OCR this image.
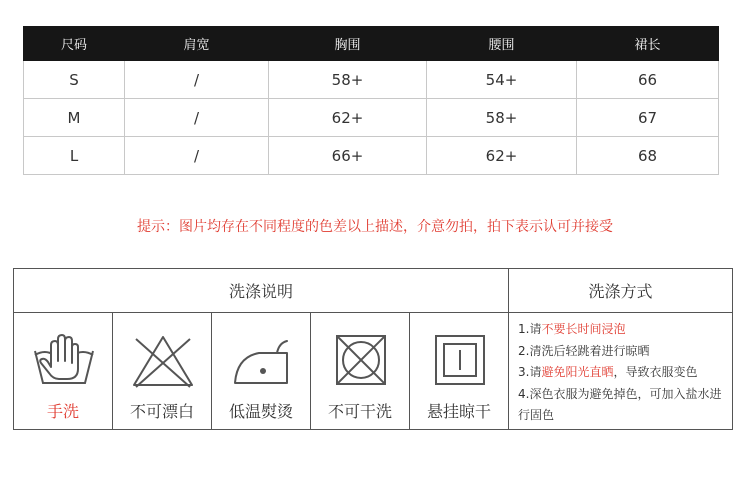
尺码	肩宽	胸围	腰围	裙长
S	/	58+	54+	66
M	/	62+	58+	67
L	/	66+	62+	68
提示：图片均存在不同程度的色差以上描述，介意勿拍，拍下表示认可并接受
洗涤说明	洗涤方式
手洗	不可漂白	低温熨烫	不可干洗	悬挂晾干
1.请不要长时间浸泡
2.清洗后轻跳着进行晾晒
3.请避免阳光直晒，导致衣服变色
4.深色衣服为避免掉色，可加入盐水进行固色
